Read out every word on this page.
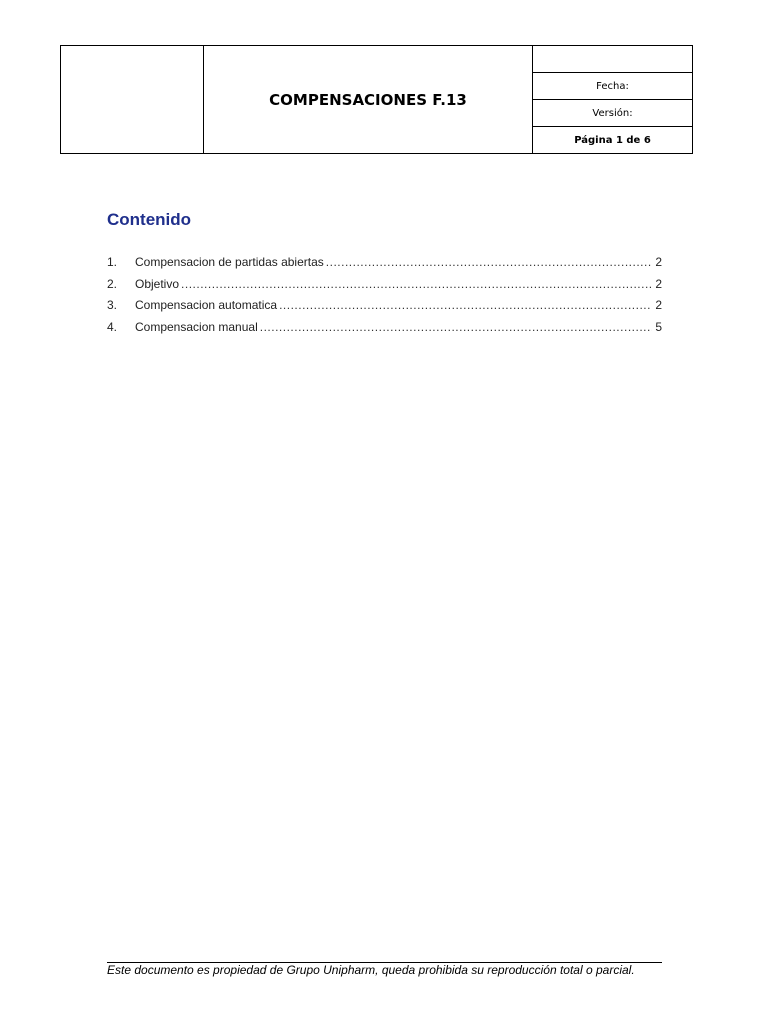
	COMPENSACIONES F.13	
Fecha:
Versión:
Página 1 de 6
Contenido
1.	Compensacion de partidas abiertas .....	2
2.	Objetivo .....	2
3.	Compensacion automatica .....	2
4.	Compensacion manual .....	5
Este documento es propiedad de Grupo Unipharm, queda prohibida su reproducción total o parcial.
